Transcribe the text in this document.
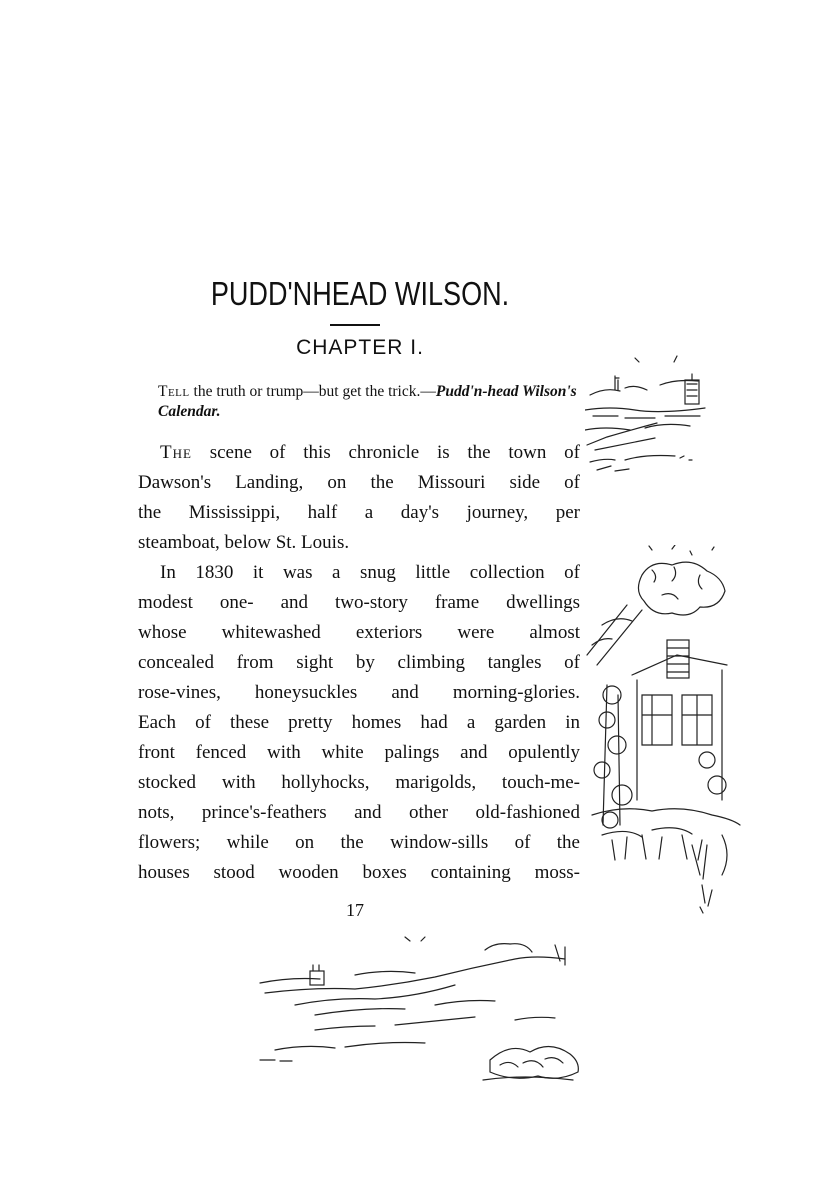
PUDD'NHEAD WILSON.
CHAPTER I.

Tell the truth or trump—but get the trick.—Pudd'n-head Wilson's Calendar.

The scene of this chronicle is the town of
Dawson's Landing, on the Missouri side of
the Mississippi, half a day's journey, per
steamboat, below St. Louis.
In 1830 it was a snug little collection of
modest one- and two-story frame dwellings
whose whitewashed exteriors were almost
concealed from sight by climbing tangles of
rose-vines, honeysuckles and morning-glories.
Each of these pretty homes had a garden in
front fenced with white palings and opulently
stocked with hollyhocks, marigolds, touch-me-
nots, prince's-feathers and other old-fashioned
flowers; while on the window-sills of the
houses stood wooden boxes containing moss-
17
